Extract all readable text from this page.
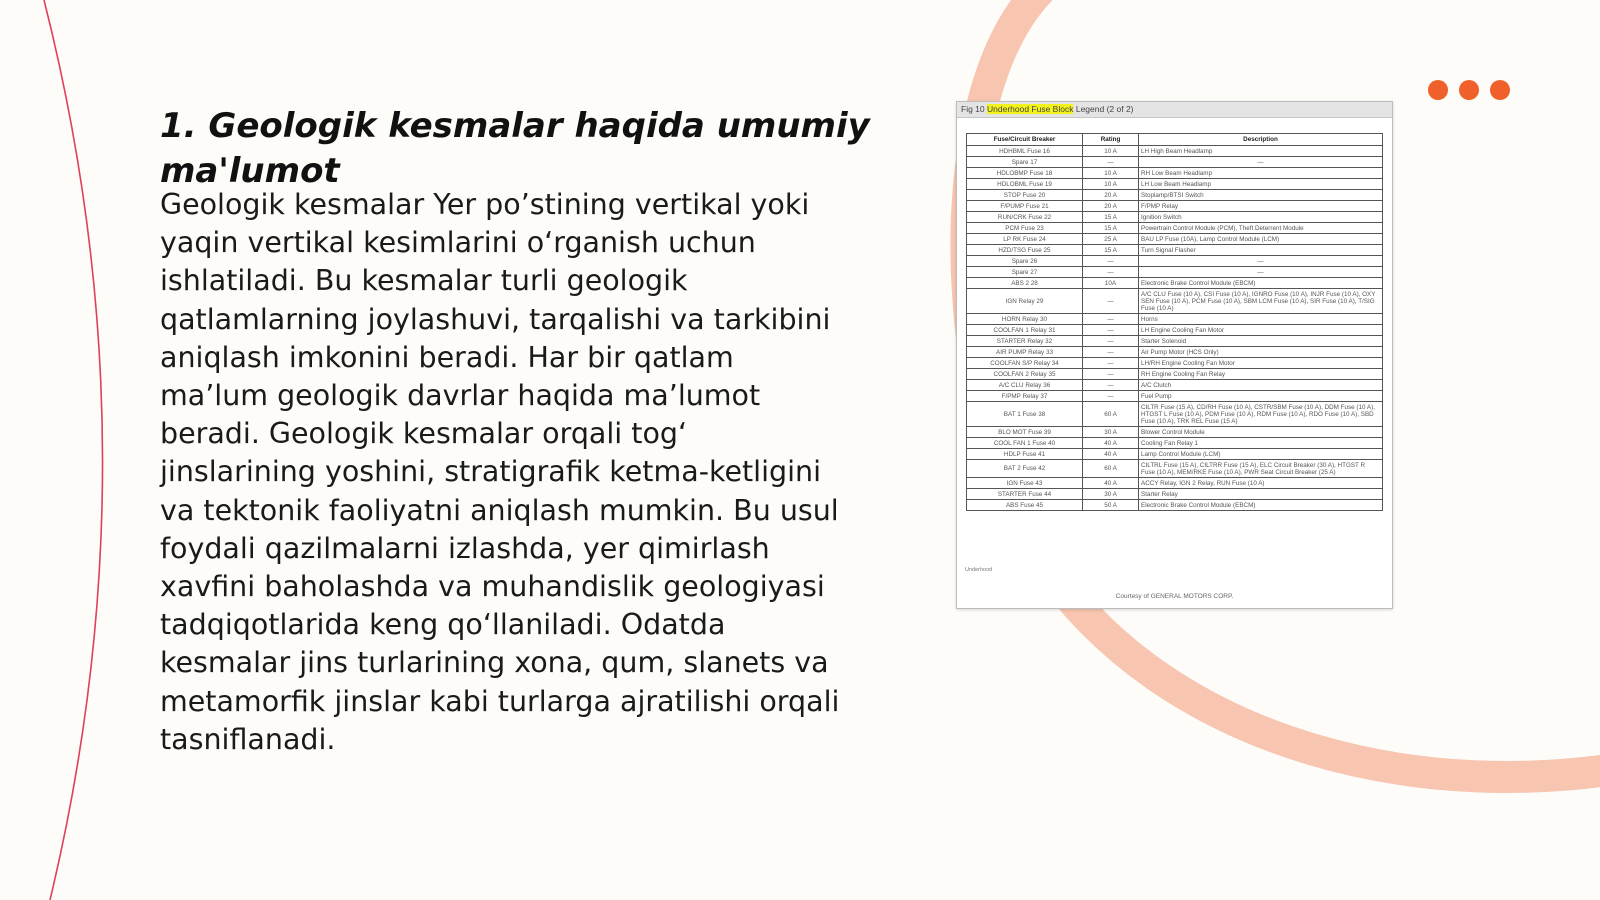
1. Geologik kesmalar haqida umumiy ma'lumot

Geologik kesmalar Yer po’stining vertikal yoki yaqin vertikal kesimlarini o‘rganish uchun ishlatiladi. Bu kesmalar turli geologik qatlamlarning joylashuvi, tarqalishi va tarkibini aniqlash imkonini beradi. Har bir qatlam ma’lum geologik davrlar haqida ma’lumot beradi. Geologik kesmalar orqali tog‘ jinslarining yoshini, stratigrafik ketma-ketligini va tektonik faoliyatni aniqlash mumkin. Bu usul foydali qazilmalarni izlashda, yer qimirlash xavfini baholashda va muhandislik geologiyasi tadqiqotlarida keng qo‘llaniladi. Odatda kesmalar jins turlarining xona, qum, slanets va metamorfik jinslar kabi turlarga ajratilishi orqali tasniflanadi.

Fig 10 Underhood Fuse Block Legend (2 of 2)
Fuse/Circuit Breaker	Rating	Description
HDHBML Fuse 16	10 A	LH High Beam Headlamp
Spare 17	—	—
HDLOBMP Fuse 18	10 A	RH Low Beam Headlamp
HDLOBML Fuse 19	10 A	LH Low Beam Headlamp
STOP Fuse 20	20 A	Stoplamp/BTSI Switch
F/PUMP Fuse 21	20 A	F/PMP Relay
RUN/CRK Fuse 22	15 A	Ignition Switch
PCM Fuse 23	15 A	Powertrain Control Module (PCM), Theft Deterrent Module
LP RK Fuse 24	25 A	BAU LP Fuse (10A), Lamp Control Module (LCM)
HZD/TSG Fuse 25	15 A	Turn Signal Flasher
Spare 26	—	—
Spare 27	—	—
ABS 2 28	10A	Electronic Brake Control Module (EBCM)
IGN Relay 29	—	A/C CLU Fuse (10 A), CSI Fuse (10 A), IGNRO Fuse (10 A), INJR Fuse (10 A), OXY SEN Fuse (10 A), PCM Fuse (10 A), SBM LCM Fuse (10 A), SIR Fuse (10 A), T/SIG Fuse (10 A)
HORN Relay 30	—	Horns
COOLFAN 1 Relay 31	—	LH Engine Cooling Fan Motor
STARTER Relay 32	—	Starter Solenoid
AIR PUMP Relay 33	—	Air Pump Motor (HCS Only)
COOLFAN S/P Relay 34	—	LH/RH Engine Cooling Fan Motor
COOLFAN 2 Relay 35	—	RH Engine Cooling Fan Relay
A/C CLU Relay 36	—	A/C Clutch
F/PMP Relay 37	—	Fuel Pump
BAT 1 Fuse 38	60 A	CILTR Fuse (15 A), CD/RH Fuse (10 A), CSTR/SBM Fuse (10 A), DDM Fuse (10 A), HTGST L Fuse (10 A), PDM Fuse (10 A), RDM Fuse (10 A), RDO Fuse (10 A), SBD Fuse (10 A), TRK REL Fuse (15 A)
BLO MOT Fuse 39	30 A	Blower Control Module
COOL FAN 1 Fuse 40	40 A	Cooling Fan Relay 1
HDLP Fuse 41	40 A	Lamp Control Module (LCM)
BAT 2 Fuse 42	60 A	CILTRL Fuse (15 A), CILTRR Fuse (15 A), ELC Circuit Breaker (30 A), HTGST R Fuse (10 A), MEM/RKE Fuse (10 A), PWR Seat Circuit Breaker (25 A)
IGN Fuse 43	40 A	ACCY Relay, IGN 2 Relay, RUN Fuse (10 A)
STARTER Fuse 44	30 A	Starter Relay
ABS Fuse 45	50 A	Electronic Brake Control Module (EBCM)
Underhood
Courtesy of GENERAL MOTORS CORP.
